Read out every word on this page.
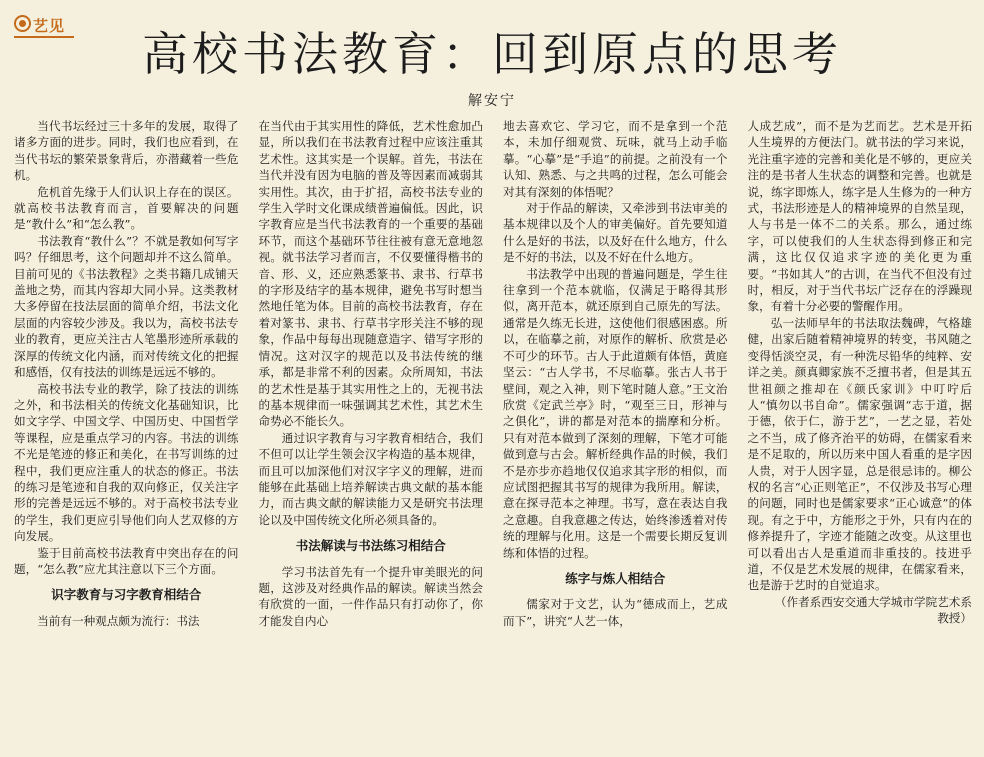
艺见
高校书法教育：回到原点的思考
解安宁

当代书坛经过三十多年的发展，取得了诸多方面的进步。同时，我们也应看到，在当代书坛的繁荣景象背后，亦潜藏着一些危机。

危机首先缘于人们认识上存在的误区。就高校书法教育而言，首要解决的问题是“教什么”和“怎么教”。

书法教育“教什么”？不就是教如何写字吗？仔细思考，这个问题却并不这么简单。目前可见的《书法教程》之类书籍几成铺天盖地之势，而其内容却大同小异。这类教材大多停留在技法层面的简单介绍，书法文化层面的内容较少涉及。我以为，高校书法专业的教育，更应关注古人笔墨形迹所承载的深厚的传统文化内涵，而对传统文化的把握和感悟，仅有技法的训练是远远不够的。

高校书法专业的教学，除了技法的训练之外，和书法相关的传统文化基础知识，比如文字学、中国文学、中国历史、中国哲学等课程，应是重点学习的内容。书法的训练不光是笔迹的修正和美化，在书写训练的过程中，我们更应注重人的状态的修正。书法的练习是笔迹和自我的双向修正，仅关注字形的完善是远远不够的。对于高校书法专业的学生，我们更应引导他们向人艺双修的方向发展。

鉴于目前高校书法教育中突出存在的问题，“怎么教”应尤其注意以下三个方面。

识字教育与习字教育相结合

当前有一种观点颇为流行：书法

在当代由于其实用性的降低，艺术性愈加凸显，所以我们在书法教育过程中应该注重其艺术性。这其实是一个误解。首先，书法在当代并没有因为电脑的普及等因素而减弱其实用性。其次，由于扩招，高校书法专业的学生入学时文化课成绩普遍偏低。因此，识字教育应是当代书法教育的一个重要的基础环节，而这个基础环节往往被有意无意地忽视。就书法学习者而言，不仅要懂得楷书的音、形、义，还应熟悉篆书、隶书、行草书的字形及结字的基本规律，避免书写时想当然地任笔为体。目前的高校书法教育，存在着对篆书、隶书、行草书字形关注不够的现象，作品中每每出现随意造字、错写字形的情况。这对汉字的规范以及书法传统的继承，都是非常不利的因素。众所周知，书法的艺术性是基于其实用性之上的，无视书法的基本规律而一味强调其艺术性，其艺术生命势必不能长久。

通过识字教育与习字教育相结合，我们不但可以让学生领会汉字构造的基本规律，而且可以加深他们对汉字字义的理解，进而能够在此基础上培养解读古典文献的基本能力，而古典文献的解读能力又是研究书法理论以及中国传统文化所必须具备的。

书法解读与书法练习相结合

学习书法首先有一个提升审美眼光的问题，这涉及对经典作品的解读。解读当然会有欣赏的一面，一件作品只有打动你了，你才能发自内心

地去喜欢它、学习它，而不是拿到一个范本，未加仔细观赏、玩味，就马上动手临摹。“心摹”是“手追”的前提。之前没有一个认知、熟悉、与之共鸣的过程，怎么可能会对其有深刻的体悟呢？

对于作品的解读，又牵涉到书法审美的基本规律以及个人的审美偏好。首先要知道什么是好的书法，以及好在什么地方，什么是不好的书法，以及不好在什么地方。

书法教学中出现的普遍问题是，学生往往拿到一个范本就临，仅满足于略得其形似，离开范本，就还原到自己原先的写法。通常是久练无长进，这使他们很感困惑。所以，在临摹之前，对原作的解析、欣赏是必不可少的环节。古人于此道颇有体悟，黄庭坚云：“古人学书，不尽临摹。张古人书于壁间，观之入神，则下笔时随人意。”王文治欣赏《定武兰亭》时，“观至三日，形神与之俱化”，讲的都是对范本的揣摩和分析。只有对范本做到了深刻的理解，下笔才可能做到意与古会。解析经典作品的时候，我们不是亦步亦趋地仅仅追求其字形的相似，而应试图把握其书写的规律为我所用。解读，意在探寻范本之神理。书写，意在表达自我之意趣。自我意趣之传达，始终渗透着对传统的理解与化用。这是一个需要长期反复训练和体悟的过程。

练字与炼人相结合

儒家对于文艺，认为“德成而上，艺成而下”，讲究“人艺一体，

人成艺成”，而不是为艺而艺。艺术是开拓人生境界的方便法门。就书法的学习来说，光注重字迹的完善和美化是不够的，更应关注的是书者人生状态的调整和完善。也就是说，练字即炼人，练字是人生修为的一种方式，书法形迹是人的精神境界的自然呈现，人与书是一体不二的关系。那么，通过练字，可以使我们的人生状态得到修正和完满，这比仅仅追求字迹的美化更为重要。“书如其人”的古训，在当代不但没有过时，相反，对于当代书坛广泛存在的浮躁现象，有着十分必要的警醒作用。

弘一法师早年的书法取法魏碑，气格雄健，出家后随着精神境界的转变，书风随之变得恬淡空灵，有一种洗尽铅华的纯粹、安详之美。颜真卿家族不乏擅书者，但是其五世祖颜之推却在《颜氏家训》中叮咛后人“慎勿以书自命”。儒家强调“志于道，据于德，依于仁，游于艺”，一艺之显，若处之不当，成了修齐治平的妨碍，在儒家看来是不足取的，所以历来中国人看重的是字因人贵，对于人因字显，总是很忌讳的。柳公权的名言“心正则笔正”，不仅涉及书写心理的问题，同时也是儒家要求“正心诚意”的体现。有之于中，方能形之于外，只有内在的修养提升了，字迹才能随之改变。从这里也可以看出古人是重道而非重技的。技进乎道，不仅是艺术发展的规律，在儒家看来，也是游于艺时的自觉追求。

（作者系西安交通大学城市学院艺术系教授）
